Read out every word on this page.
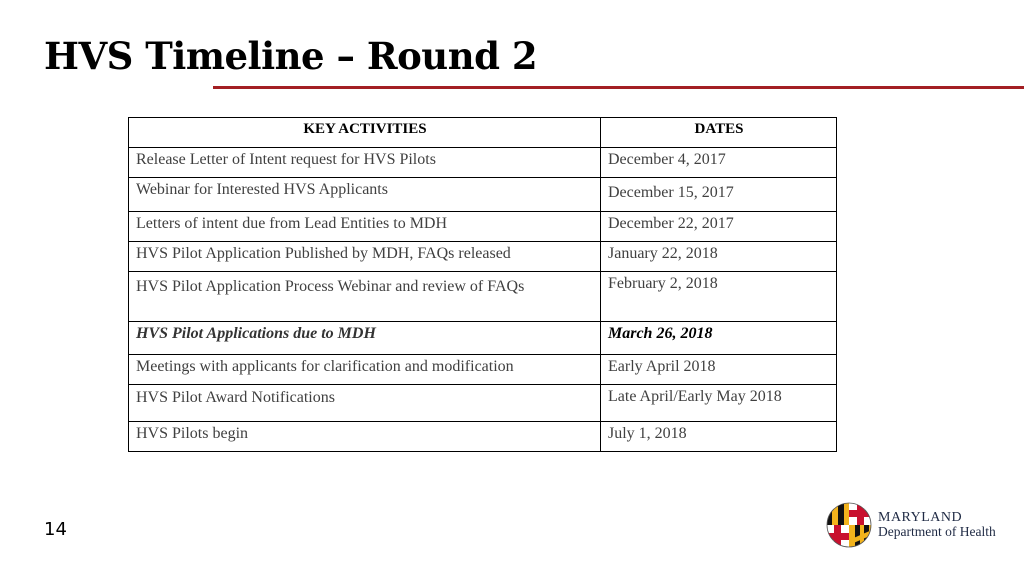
HVS Timeline – Round 2
KEY ACTIVITIES	DATES
Release Letter of Intent request for HVS Pilots	December 4, 2017
Webinar for Interested HVS Applicants	December 15, 2017
Letters of intent due from Lead Entities to MDH	December 22, 2017
HVS Pilot Application Published by MDH, FAQs released	January 22, 2018
HVS Pilot Application Process Webinar and review of FAQs	February 2, 2018
HVS Pilot Applications due to MDH	March 26, 2018
Meetings with applicants for clarification and modification	Early April 2018
HVS Pilot Award Notifications	Late April/Early May 2018
HVS Pilots begin	July 1, 2018
14
MARYLAND
Department of Health
